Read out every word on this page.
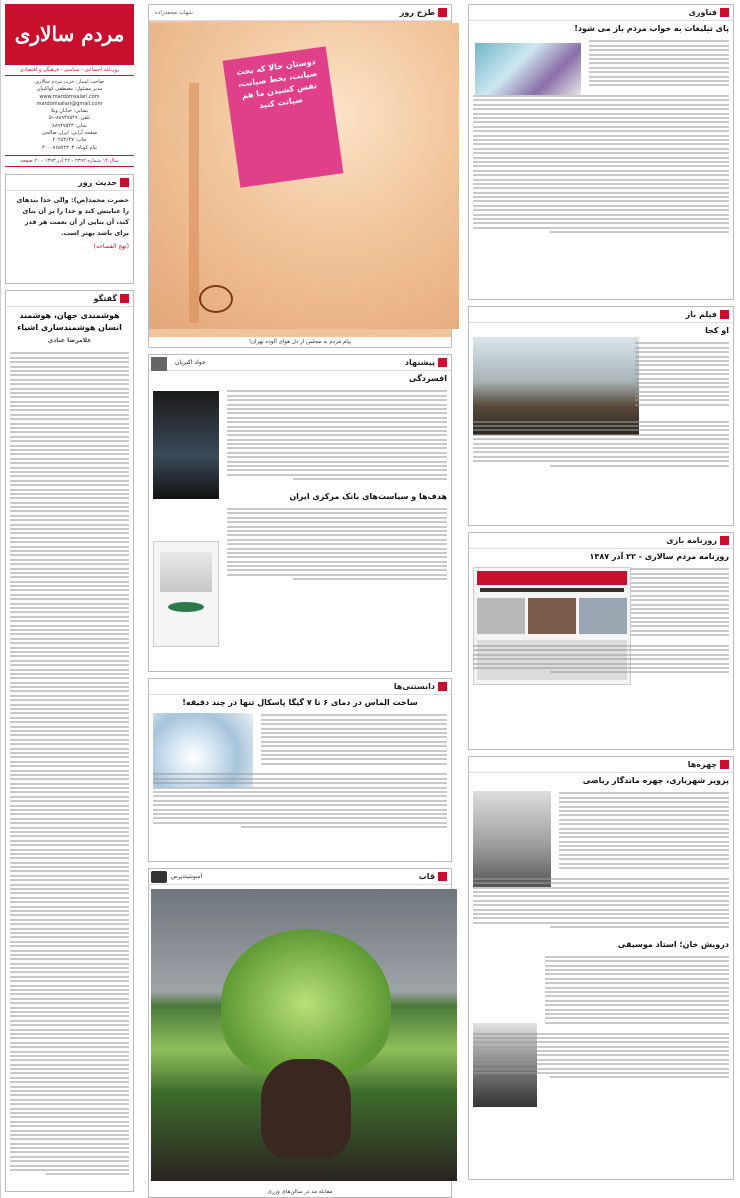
فناوری
پای تبلیغات به خواب مردم باز می شود!
فیلم باز
او کجا
روزنامه بازی
روزنامه مردم سالاری - ۲۲ آذر ۱۳۸۷
چهره‌ها
پرویز شهریاری، چهره ماندگار ریاضی
درویش خان؛ استاد موسیقی
طرح روز
شهاب محمدزاده
دوستان حالا که بحث صیانت، بخط صیانت، نفس کشیدن ما هم صیانت کنید
پیام مردم به مجلس از دل هوای آلوده تهران!
پیشنهاد
جواد اکبریان
افسردگی
هدف‌ها و سیاست‌های بانک مرکزی ایران
دانستنی‌ها
ساخت الماس در دمای ۶ تا ۷ گیگا پاسکال تنها در چند دقیقه!
قاب
آسوشیتدپرس
مقابله مد در سالن‌های وزری
مردم سالاری
روزنامه اجتماعی - سیاسی - فرهنگی و اقتصادی
صاحب امتیاز: حزب مردم سالاری
مدیر مسئول: مصطفی کواکبیان
www.mardomsalari.com
mardomsalari@gmail.com
نشانی: خیابان ویلا
تلفن: ۸۸۹۴۷۵۴۹-۵۱
نمابر: ۸۸۹۴۷۵۴۳
صفحه آرایی: ایران صالحی
چاپ: ۲۰۲۵۴۶۴۷
پیام کوتاه: ۳۰۰۰۷۶۵۷۲۳۰۳
سال ۱۴ شماره ۲۳۹۲ - ۲۲ آذر ۱۳۹۳ - ۲۰ صفحه
حدیث روز
حضرت محمد(ص): والی خدا بندهای را عنایتش کند و خدا را بر آن بنای کند، آن بنایی از آن نعمت هر قدر برای باشد بهتر است.
(نهج الفصاحه)
گفتگو
هوشمندی جهان، هوشمند انسان هوشمندسازی اشیاء
غلامرضا عبادی
